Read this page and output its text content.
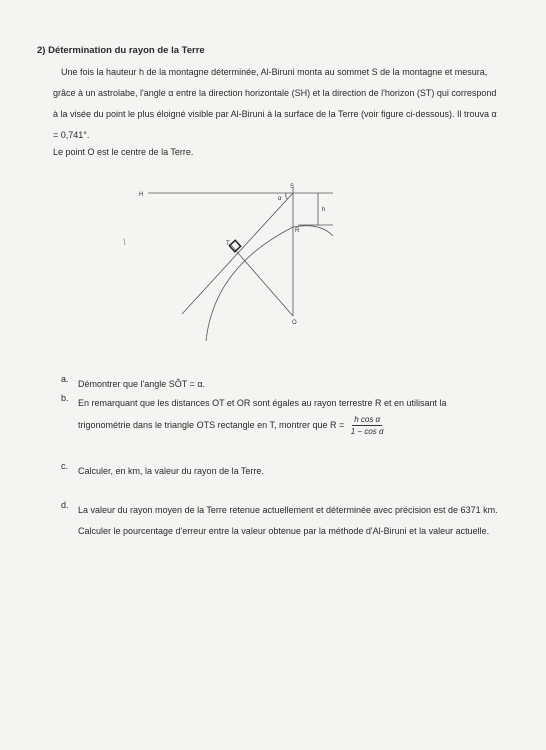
2) Détermination du rayon de la Terre
Une fois la hauteur h de la montagne déterminée, Al-Biruni monta au sommet S de la montagne et mesura, grâce à un astrolabe, l'angle α entre la direction horizontale (SH) et la direction de l'horizon (ST) qui correspond à la visée du point le plus éloigné visible par Al-Biruni à la surface de la Terre (voir figure ci-dessous). Il trouva α = 0,741°.
Le point O est le centre de la Terre.
H
S
α
h
R
T
O
a. Démontrer que l'angle SÔT = α.
b. En remarquant que les distances OT et OR sont égales au rayon terrestre R et en utilisant la trigonométrie dans le triangle OTS rectangle en T, montrer que $R = \frac{\text{h cos α}}{\text{1 − cos α}}$
c. Calculer, en km, la valeur du rayon de la Terre.
d. La valeur du rayon moyen de la Terre retenue actuellement et déterminée avec précision est de 6371 km. Calculer le pourcentage d'erreur entre la valeur obtenue par la méthode d'Al-Biruni et la valeur actuelle.
